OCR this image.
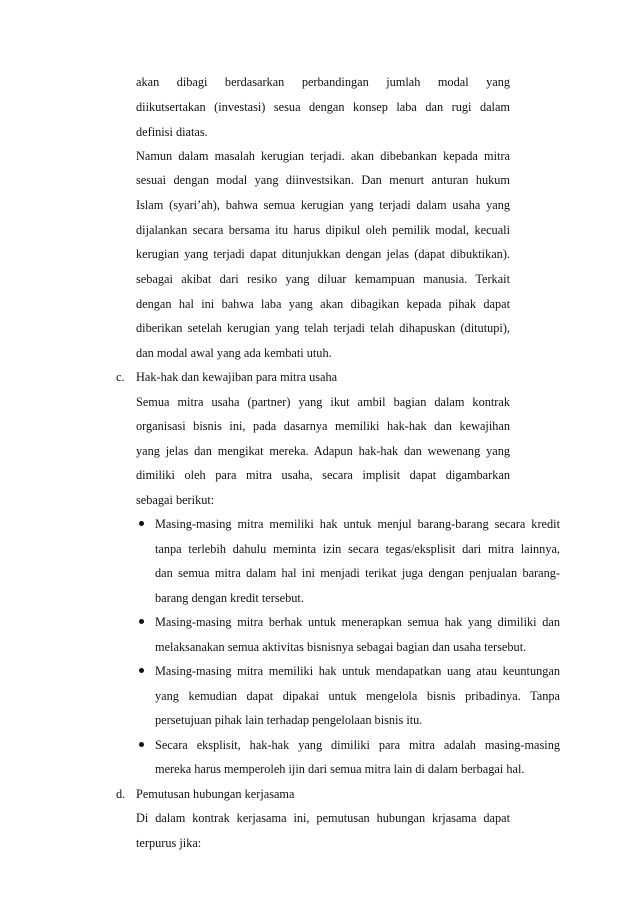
akan dibagi berdasarkan perbandingan jumlah modal yang
diikutsertakan (investasi) sesua dengan konsep laba dan rugi dalam
definisi diatas.
Namun dalam masalah kerugian terjadi. akan dibebankan kepada mitra
sesuai dengan modal yang diinvestsikan. Dan menurt anturan hukum
Islam (syari’ah), bahwa semua kerugian yang terjadi dalam usaha yang
dijalankan secara bersama itu harus dipikul oleh pemilik modal, kecuali
kerugian yang terjadi dapat ditunjukkan dengan jelas (dapat dibuktikan).
sebagai akibat dari resiko yang diluar kemampuan manusia. Terkait
dengan hal ini bahwa laba yang akan dibagikan kepada pihak dapat
diberikan setelah kerugian yang telah terjadi telah dihapuskan (ditutupi),
dan modal awal yang ada kembati utuh.
c. Hak-hak dan kewajiban para mitra usaha
Semua mitra usaha (partner) yang ikut ambil bagian dalam kontrak
organisasi bisnis ini, pada dasarnya memiliki hak-hak dan kewajihan
yang jelas dan mengikat mereka. Adapun hak-hak dan wewenang yang
dimiliki oleh para mitra usaha, secara implisit dapat digambarkan
sebagai berikut:
Masing-masing mitra memiliki hak untuk menjul barang-barang secara kredit
tanpa terlebih dahulu meminta izin secara tegas/eksplisit dari mitra lainnya,
dan semua mitra dalam hal ini menjadi terikat juga dengan penjualan barang-
barang dengan kredit tersebut.
Masing-masing mitra berhak untuk menerapkan semua hak yang dimiliki dan
melaksanakan semua aktivitas bisnisnya sebagai bagian dan usaha tersebut.
Masing-masing mitra memiliki hak untuk mendapatkan uang atau keuntungan
yang kemudian dapat dipakai untuk mengelola bisnis pribadinya. Tanpa
persetujuan pihak lain terhadap pengelolaan bisnis itu.
Secara eksplisit, hak-hak yang dimiliki para mitra adalah masing-masing
mereka harus memperoleh ijin dari semua mitra lain di dalam berbagai hal.
d. Pemutusan hubungan kerjasama
Di dalam kontrak kerjasama ini, pemutusan hubungan krjasama dapat
terpurus jika:
